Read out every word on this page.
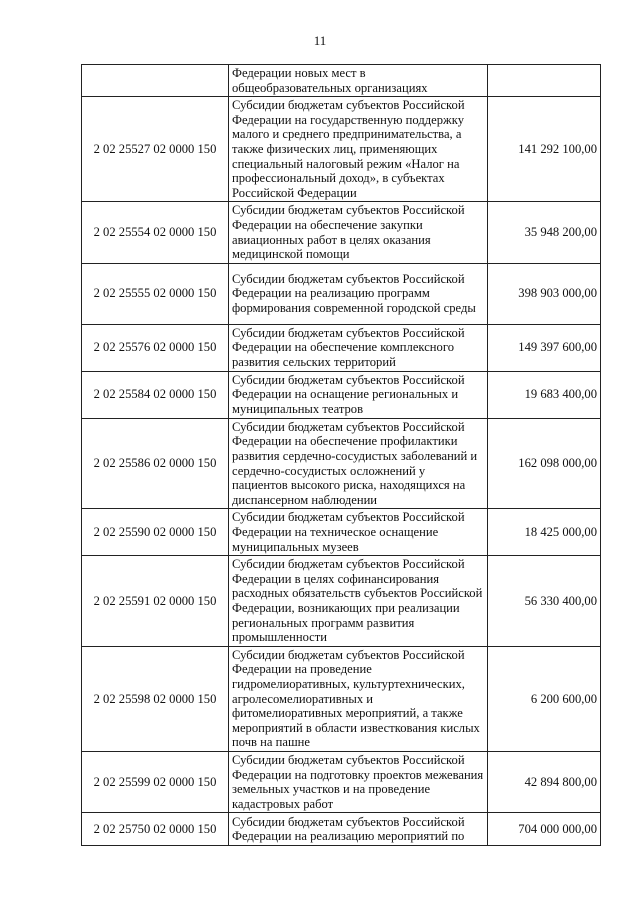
11

	Федерации новых мест в общеобразовательных организациях	

2 02 25527 02 0000 150	Субсидии бюджетам субъектов Российской Федерации на государственную поддержку малого и среднего предпринимательства, а также физических лиц, применяющих специальный налоговый режим «Налог на профессиональный доход», в субъектах Российской Федерации	141 292 100,00
2 02 25554 02 0000 150	Субсидии бюджетам субъектов Российской Федерации на обеспечение закупки авиационных работ в целях оказания медицинской помощи	35 948 200,00
2 02 25555 02 0000 150	Субсидии бюджетам субъектов Российской Федерации на реализацию программ формирования современной городской среды	398 903 000,00
2 02 25576 02 0000 150	Субсидии бюджетам субъектов Российской Федерации на обеспечение комплексного развития сельских территорий	149 397 600,00
2 02 25584 02 0000 150	Субсидии бюджетам субъектов Российской Федерации на оснащение региональных и муниципальных театров	19 683 400,00
2 02 25586 02 0000 150	Субсидии бюджетам субъектов Российской Федерации на обеспечение профилактики развития сердечно-сосудистых заболеваний и сердечно-сосудистых осложнений у пациентов высокого риска, находящихся на диспансерном наблюдении	162 098 000,00
2 02 25590 02 0000 150	Субсидии бюджетам субъектов Российской Федерации на техническое оснащение муниципальных музеев	18 425 000,00
2 02 25591 02 0000 150	Субсидии бюджетам субъектов Российской Федерации в целях софинансирования расходных обязательств субъектов Российской Федерации, возникающих при реализации региональных программ развития промышленности	56 330 400,00
2 02 25598 02 0000 150	Субсидии бюджетам субъектов Российской Федерации на проведение гидромелиоративных, культуртехнических, агролесомелиоративных и фитомелиоративных мероприятий, а также мероприятий в области известкования кислых почв на пашне	6 200 600,00
2 02 25599 02 0000 150	Субсидии бюджетам субъектов Российской Федерации на подготовку проектов межевания земельных участков и на проведение кадастровых работ	42 894 800,00
2 02 25750 02 0000 150	Субсидии бюджетам субъектов Российской Федерации на реализацию мероприятий по	704 000 000,00
